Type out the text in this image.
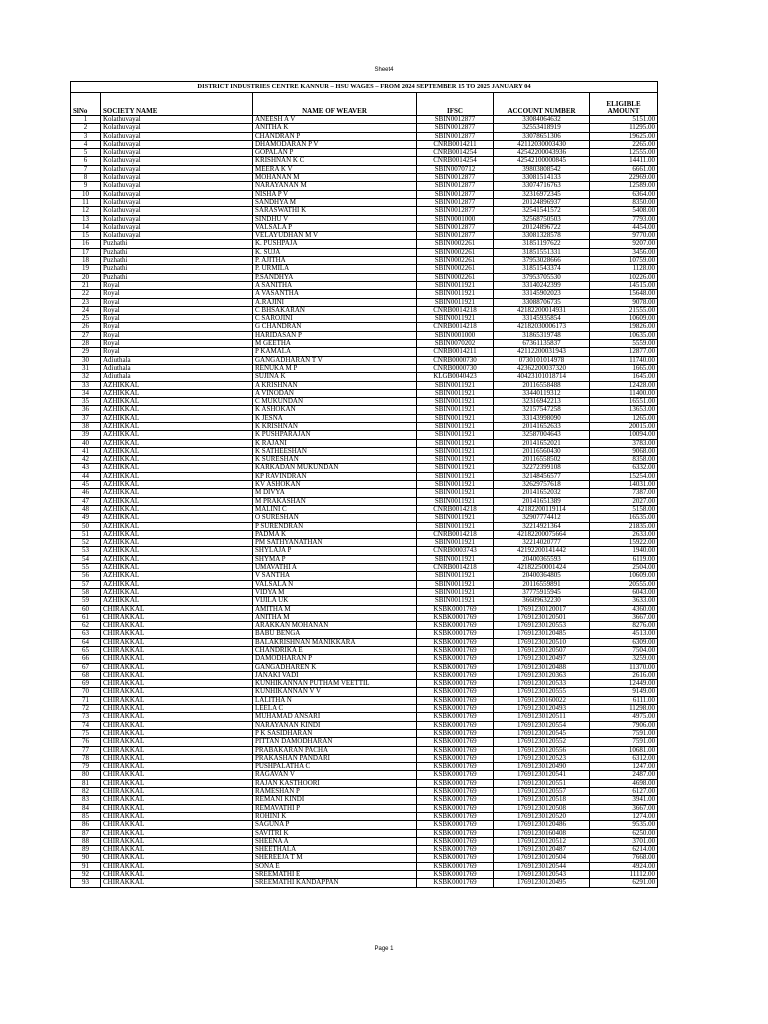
Sheet4
DISTRICT INDUSTRIES CENTRE KANNUR – HSU WAGES – FROM 2024 SEPTEMBER 15 TO 2025 JANUARY 04					
SlNo	SOCIETY NAME	NAME OF WEAVER	IFSC	ACCOUNT NUMBER	ELIGIBLE AMOUNT
1	Kolathuvayal	ANEESH A V	SBIN0012877	33084064632	5151.00
2	Kolathuvayal	ANITHA K	SBIN0012877	32553418919	11295.00
3	Kolathuvayal	CHANDRAN P	SBIN0012877	33078651306	19625.00
4	Kolathuvayal	DHAMODARAN P V	CNRB0014211	42112030003430	2265.00
5	Kolathuvayal	GOPALAN P	CNRB0014254	42542200043936	12555.00
6	Kolathuvayal	KRISHNAN K C	CNRB0014254	42542100000845	14411.00
7	Kolathuvayal	MEERA K V	SBIN0070712	39803808542	6661.00
8	Kolathuvayal	MOHANAN M	SBIN0012877	33081514133	22969.00
9	Kolathuvayal	NARAYANAN M	SBIN0012877	33074716763	12589.00
10	Kolathuvayal	NISHA P V	SBIN0012877	32316972345	6364.00
11	Kolathuvayal	SANDHYA M	SBIN0012877	20124896937	8350.00
12	Kolathuvayal	SARASWATHI K	SBIN0012877	32541541572	5408.00
13	Kolathuvayal	SINDHU V	SBIN0001000	32568750503	7793.00
14	Kolathuvayal	VALSALA P	SBIN0012877	20124896722	4454.00
15	Kolathuvayal	VELAYUDHAN M V	SBIN0012877	33081328578	9770.00
16	Puzhathi	K. PUSHPAJA	SBIN0002261	31851197622	9207.00
17	Puzhathi	K. SUJA	SBIN0002261	31851551331	3456.00
18	Puzhathi	P. AJITHA	SBIN0002261	37953028666	10759.00
19	Puzhathi	P. URMILA	SBIN0002261	31851543374	1128.00
20	Puzhathi	P.SANDHYA	SBIN0002261	37953705530	10226.00
21	Royal	A SANITHA	SBIN0011921	33140242399	14515.00
22	Royal	A VASANTHA	SBIN0011921	33145902023	15648.00
23	Royal	A.RAJINI	SBIN0011921	33088706735	9078.00
24	Royal	C BHSAKARAN	CNRB0014218	42182200014931	21555.00
25	Royal	C SAROJINI	SBIN0011921	33145935854	10609.00
26	Royal	G CHANDRAN	CNRB0014218	42182030006173	19826.00
27	Royal	HARIDASAN P	SBIN0001000	31865319748	10635.00
28	Royal	M GEETHA	SBIN0070202	67361135837	5559.00
29	Royal	P KAMALA	CNRB0014211	42112200031943	12877.00
30	Adiuthala	GANGADHARAN T V	CNRB0000730	0730101014978	11740.00
31	Adiuthala	RENUKA M P	CNRB0000730	42362200037320	1665.00
32	Adiuthala	SUJINA K	KLGB0040423	40423101018714	1645.00
33	AZHIKKAL	A KRISHNAN	SBIN0011921	20116558488	12428.00
34	AZHIKKAL	A VINODAN	SBIN0011921	33440119312	11400.00
35	AZHIKKAL	C MUKUNDAN	SBIN0011921	32316942213	16551.00
36	AZHIKKAL	K ASHOKAN	SBIN0011921	32157547258	13653.00
37	AZHIKKAL	K JESNA	SBIN0011921	33143998090	1265.00
38	AZHIKKAL	K KRISHNAN	SBIN0011921	20141652633	20015.00
39	AZHIKKAL	K PUSHPARAJAN	SBIN0011921	32587004643	10094.00
40	AZHIKKAL	K RAJANI	SBIN0011921	20141652021	3783.00
41	AZHIKKAL	K SATHEESHAN	SBIN0011921	20116560430	9068.00
42	AZHIKKAL	K SURESHAN	SBIN0011921	20116558502	8358.00
43	AZHIKKAL	KARKADAN MUKUNDAN	SBIN0011921	32272399108	6332.00
44	AZHIKKAL	KP RAVINDRAN	SBIN0011921	32148456577	15254.00
45	AZHIKKAL	KV ASHOKAN	SBIN0011921	32629757618	14031.00
46	AZHIKKAL	M DIVYA	SBIN0011921	20141652032	7387.00
47	AZHIKKAL	M PRAKASHAN	SBIN0011921	20141651389	2027.00
48	AZHIKKAL	MALINI C	CNRB0014218	42182200119114	5158.00
49	AZHIKKAL	O SURESHAN	SBIN0011921	32907774412	16535.00
50	AZHIKKAL	P SURENDRAN	SBIN0011921	32214921364	21835.00
51	AZHIKKAL	PADMA K	CNRB0014218	42182200075664	2633.00
52	AZHIKKAL	PM SATHYANATHAN	SBIN0011921	32214020777	15922.00
53	AZHIKKAL	SHYLAJA P	CNRB0003743	42192200141442	1940.00
54	AZHIKKAL	SHYMA P	SBIN0011921	20400365593	6119.00
55	AZHIKKAL	UMAVATHI A	CNRB0014218	42182250001424	2504.00
56	AZHIKKAL	V SANTHA	SBIN0011921	20400364805	10609.00
57	AZHIKKAL	VALSALA N	SBIN0011921	20116559891	20555.00
58	AZHIKKAL	VIDYA M	SBIN0011921	37775915945	6043.00
59	AZHIKKAL	VIJILA UK	SBIN0011921	36609632230	3633.00
60	CHIRAKKAL	AMITHA M	KSBK0001769	17691230120017	4360.00
61	CHIRAKKAL	ANITHA M	KSBK0001769	17691230120501	3667.00
62	CHIRAKKAL	ARAKKAN MOHANAN	KSBK0001769	17691230120553	8276.00
63	CHIRAKKAL	BABU BENGA	KSBK0001769	17691230120485	4513.00
64	CHIRAKKAL	BALAKRISHNAN MANIKKARA	KSBK0001769	17691230120510	6309.00
65	CHIRAKKAL	CHANDRIKA E	KSBK0001769	17691230120507	7504.00
66	CHIRAKKAL	DAMODHARAN P	KSBK0001769	17691230120497	3259.00
67	CHIRAKKAL	GANGADHAREN K	KSBK0001769	17691230120488	11370.00
68	CHIRAKKAL	JANAKI VADI	KSBK0001769	17691230120363	2616.00
69	CHIRAKKAL	KUNHIKANNAN PUTHAM VEETTIL	KSBK0001769	17691230120533	12449.00
70	CHIRAKKAL	KUNHIKANNAN V V	KSBK0001769	17691230120555	9149.00
71	CHIRAKKAL	LALITHA N	KSBK0001769	17691230160022	6111.00
72	CHIRAKKAL	LEELA C	KSBK0001769	17691230120493	11298.00
73	CHIRAKKAL	MUHAMAD ANSARI	KSBK0001769	17691230120511	4975.00
74	CHIRAKKAL	NARAYANAN KINDI	KSBK0001769	17691230120554	7906.00
75	CHIRAKKAL	P K SASIDHARAN	KSBK0001769	17691230120545	7591.00
76	CHIRAKKAL	PITTAN DAMODHARAN	KSBK0001769	17691230120552	7591.00
77	CHIRAKKAL	PRABAKARAN PACHA	KSBK0001769	17691230120556	10681.00
78	CHIRAKKAL	PRAKASHAN PANDARI	KSBK0001769	17691230120523	6312.00
79	CHIRAKKAL	PUSHPALATHA C	KSBK0001769	17691230120490	1247.00
80	CHIRAKKAL	RAGAVAN V	KSBK0001769	17691230120541	2487.00
81	CHIRAKKAL	RAJAN KASTHOORI	KSBK0001769	17691230120551	4698.00
82	CHIRAKKAL	RAMESHAN P	KSBK0001769	17691230120557	6127.00
83	CHIRAKKAL	REMANI KINDI	KSBK0001769	17691230120518	3941.00
84	CHIRAKKAL	REMAVATHI P	KSBK0001769	17691230120508	3667.00
85	CHIRAKKAL	ROHINI K	KSBK0001769	17691230120520	1274.00
86	CHIRAKKAL	SAGUNA P	KSBK0001769	17691230120486	9535.00
87	CHIRAKKAL	SAVITRI K	KSBK0001769	17691230160408	6250.00
88	CHIRAKKAL	SHEENA A	KSBK0001769	17691230120512	3701.00
89	CHIRAKKAL	SHEETHALA	KSBK0001769	17691230120487	6214.00
90	CHIRAKKAL	SHEREEJA T M	KSBK0001769	17691230120504	7668.00
91	CHIRAKKAL	SONA E	KSBK0001769	17691230120544	4924.00
92	CHIRAKKAL	SREEMATHI E	KSBK0001769	17691230120543	11112.00
93	CHIRAKKAL	SREEMATHI KANDAPPAN	KSBK0001769	17691230120495	6291.00
Page 1
